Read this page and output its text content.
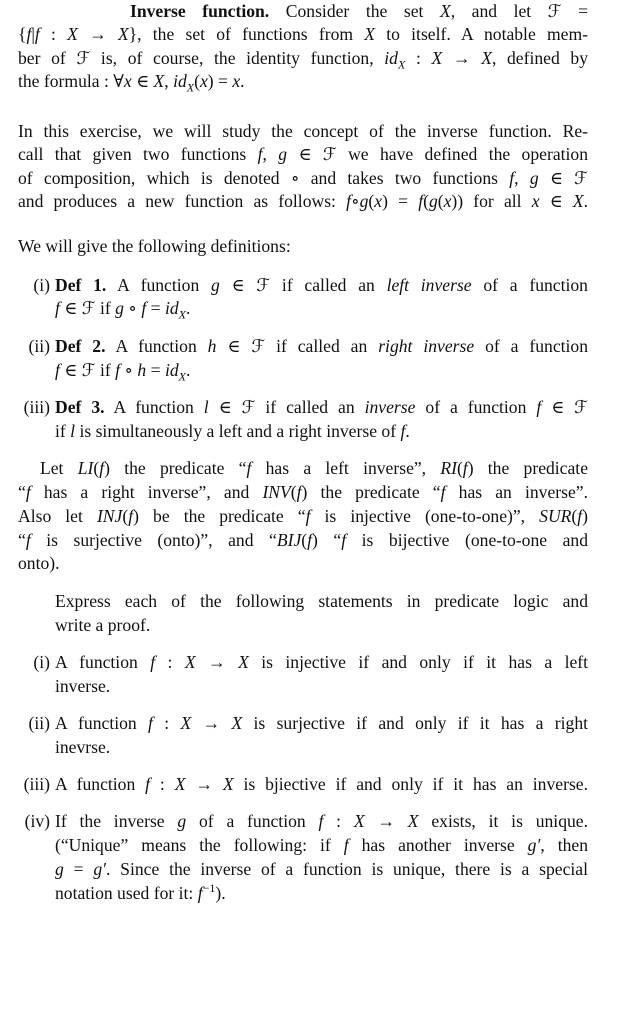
Inverse function. Consider the set X, and let ℱ =
{f|f : X → X}, the set of functions from X to itself. A notable mem-
ber of ℱ is, of course, the identity function, $id_X$ : X → X, defined by
the formula : ∀x ∈ X, $id_X(x) = x$.
In this exercise, we will study the concept of the inverse function. Re-
call that given two functions f, g ∈ ℱ we have defined the operation
of composition, which is denoted ∘ and takes two functions f, g ∈ ℱ
and produces a new function as follows: f∘g(x) = f(g(x)) for all x ∈ X.
We will give the following definitions:
(i) Def 1. A function g ∈ ℱ if called an left inverse of a function
f ∈ ℱ if g ∘ $f = id_X$.
(ii) Def 2. A function h ∈ ℱ if called an right inverse of a function
f ∈ ℱ if f ∘ $h = id_X$.
(iii) Def 3. A function l ∈ ℱ if called an inverse of a function f ∈ ℱ
if l is simultaneously a left and a right inverse of f.
Let LI(f) the predicate “f has a left inverse”, RI(f) the predicate
“f has a right inverse”, and INV(f) the predicate “f has an inverse”.
Also let INJ(f) be the predicate “f is injective (one-to-one)”, SUR(f)
“f is surjective (onto)”, and “BIJ(f) “f is bijective (one-to-one and
onto).
Express each of the following statements in predicate logic and
write a proof.
(i) A function f : X → X is injective if and only if it has a left
inverse.
(ii) A function f : X → X is surjective if and only if it has a right
inevrse.
(iii) A function f : X → X is bjiective if and only if it has an inverse.
(iv) If the inverse g of a function f : X → X exists, it is unique.
(“Unique” means the following: if f has another inverse g′, then
g = g′. Since the inverse of a function is unique, there is a special
notation used for it: $f^{-1}$).
